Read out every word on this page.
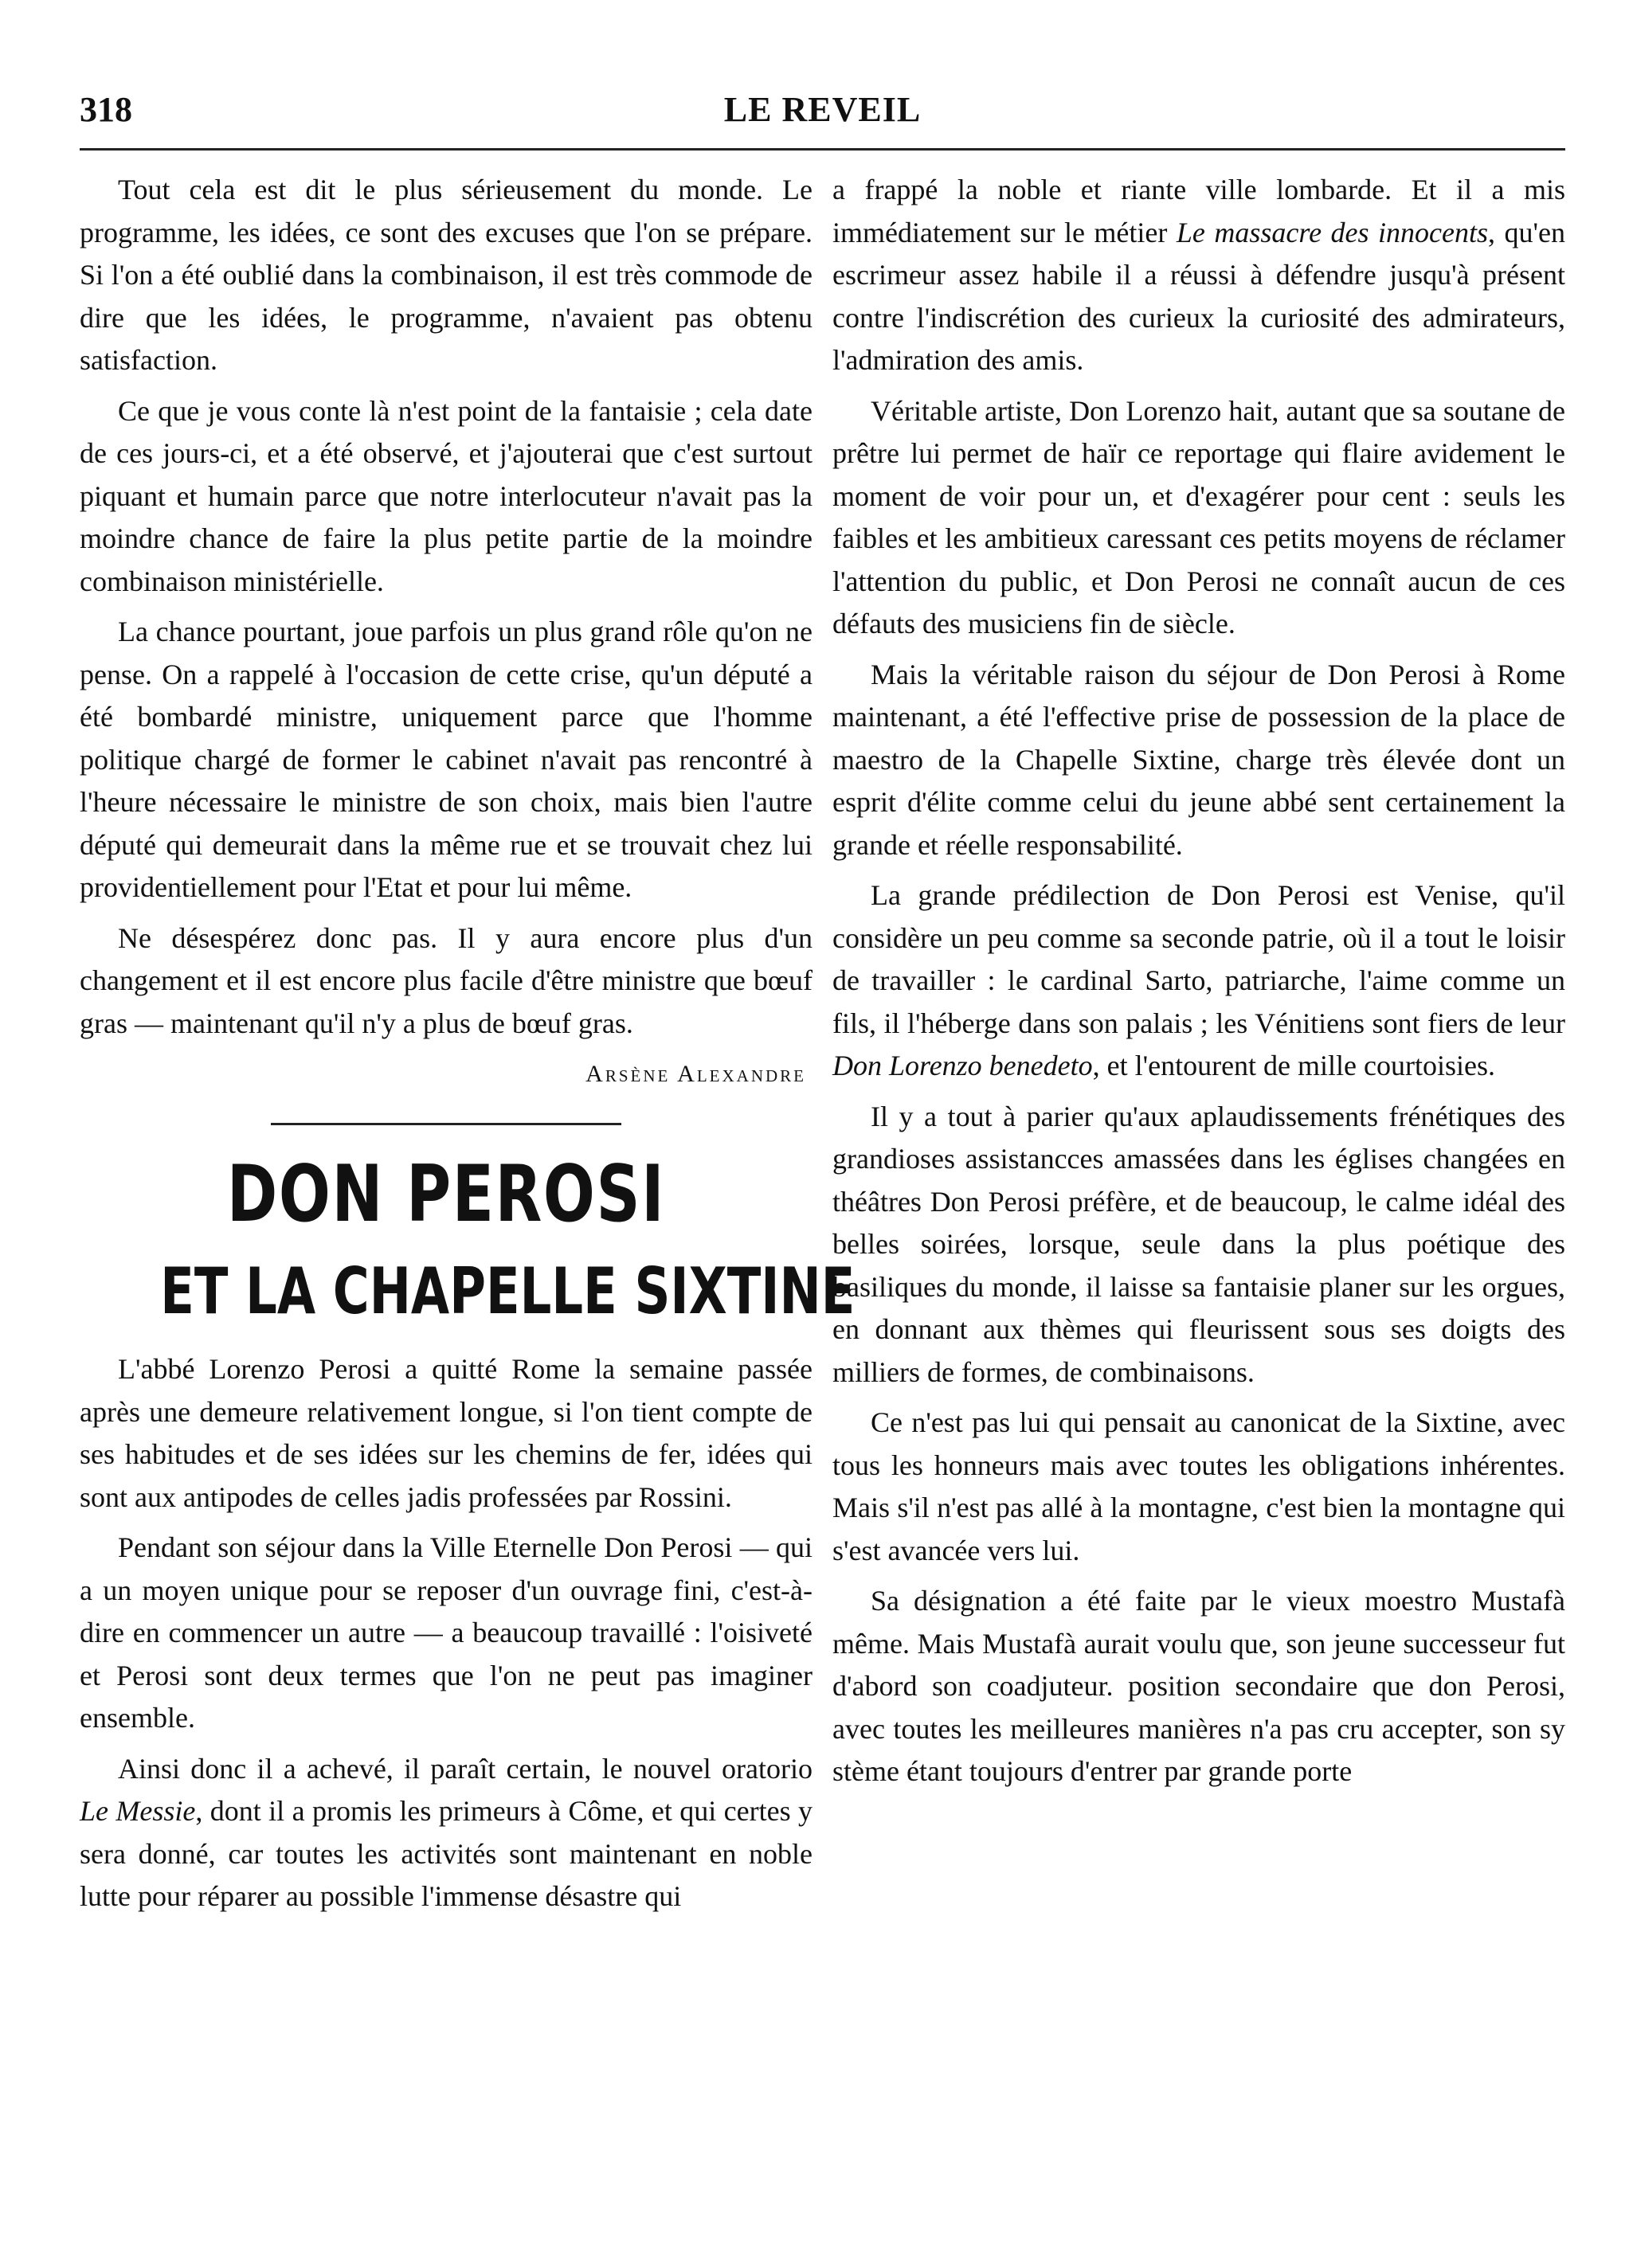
318	LE REVEIL

Tout cela est dit le plus sérieusement du monde. Le programme, les idées, ce sont des excuses que l'on se prépare. Si l'on a été oublié dans la combinaison, il est très commode de dire que les idées, le programme, n'avaient pas obtenu satisfaction.

Ce que je vous conte là n'est point de la fantaisie ; cela date de ces jours-ci, et a été observé, et j'ajouterai que c'est surtout piquant et humain parce que notre interlocuteur n'avait pas la moindre chance de faire la plus petite partie de la moindre combinaison ministérielle.

La chance pourtant, joue parfois un plus grand rôle qu'on ne pense. On a rappelé à l'occasion de cette crise, qu'un député a été bombardé ministre, uniquement parce que l'homme politique chargé de former le cabinet n'avait pas rencontré à l'heure nécessaire le ministre de son choix, mais bien l'autre député qui demeurait dans la même rue et se trouvait chez lui providentiellement pour l'Etat et pour lui même.

Ne désespérez donc pas. Il y aura encore plus d'un changement et il est encore plus facile d'être ministre que bœuf gras — maintenant qu'il n'y a plus de bœuf gras.

Arsène Alexandre
DON PEROSI
ET LA CHAPELLE SIXTINE

L'abbé Lorenzo Perosi a quitté Rome la semaine passée après une demeure relativement longue, si l'on tient compte de ses habitudes et de ses idées sur les chemins de fer, idées qui sont aux antipodes de celles jadis professées par Rossini.

Pendant son séjour dans la Ville Eternelle Don Perosi — qui a un moyen unique pour se reposer d'un ouvrage fini, c'est-à-dire en commencer un autre — a beaucoup travaillé : l'oisiveté et Perosi sont deux termes que l'on ne peut pas imaginer ensemble.

Ainsi donc il a achevé, il paraît certain, le nouvel oratorio Le Messie, dont il a promis les primeurs à Côme, et qui certes y sera donné, car toutes les activités sont maintenant en noble lutte pour réparer au possible l'immense désastre qui

a frappé la noble et riante ville lombarde. Et il a mis immédiatement sur le métier Le massacre des innocents, qu'en escrimeur assez habile il a réussi à défendre jusqu'à présent contre l'indiscrétion des curieux la curiosité des admirateurs, l'admiration des amis.

Véritable artiste, Don Lorenzo hait, autant que sa soutane de prêtre lui permet de haïr ce reportage qui flaire avidement le moment de voir pour un, et d'exagérer pour cent : seuls les faibles et les ambitieux caressant ces petits moyens de réclamer l'attention du public, et Don Perosi ne connaît aucun de ces défauts des musiciens fin de siècle.

Mais la véritable raison du séjour de Don Perosi à Rome maintenant, a été l'effective prise de possession de la place de maestro de la Chapelle Sixtine, charge très élevée dont un esprit d'élite comme celui du jeune abbé sent certainement la grande et réelle responsabilité.

La grande prédilection de Don Perosi est Venise, qu'il considère un peu comme sa seconde patrie, où il a tout le loisir de travailler : le cardinal Sarto, patriarche, l'aime comme un fils, il l'héberge dans son palais ; les Vénitiens sont fiers de leur Don Lorenzo benedeto, et l'entourent de mille courtoisies.

Il y a tout à parier qu'aux aplaudissements frénétiques des grandioses assistancces amassées dans les églises changées en théâtres Don Perosi préfère, et de beaucoup, le calme idéal des belles soirées, lorsque, seule dans la plus poétique des basiliques du monde, il laisse sa fantaisie planer sur les orgues, en donnant aux thèmes qui fleurissent sous ses doigts des milliers de formes, de combinaisons.

Ce n'est pas lui qui pensait au canonicat de la Sixtine, avec tous les honneurs mais avec toutes les obligations inhérentes. Mais s'il n'est pas allé à la montagne, c'est bien la montagne qui s'est avancée vers lui.

Sa désignation a été faite par le vieux moestro Mustafà même. Mais Mustafà aurait voulu que, son jeune successeur fut d'abord son coadjuteur. position secondaire que don Perosi, avec toutes les meilleures manières n'a pas cru accepter, son sy stème étant toujours d'entrer par grande porte
